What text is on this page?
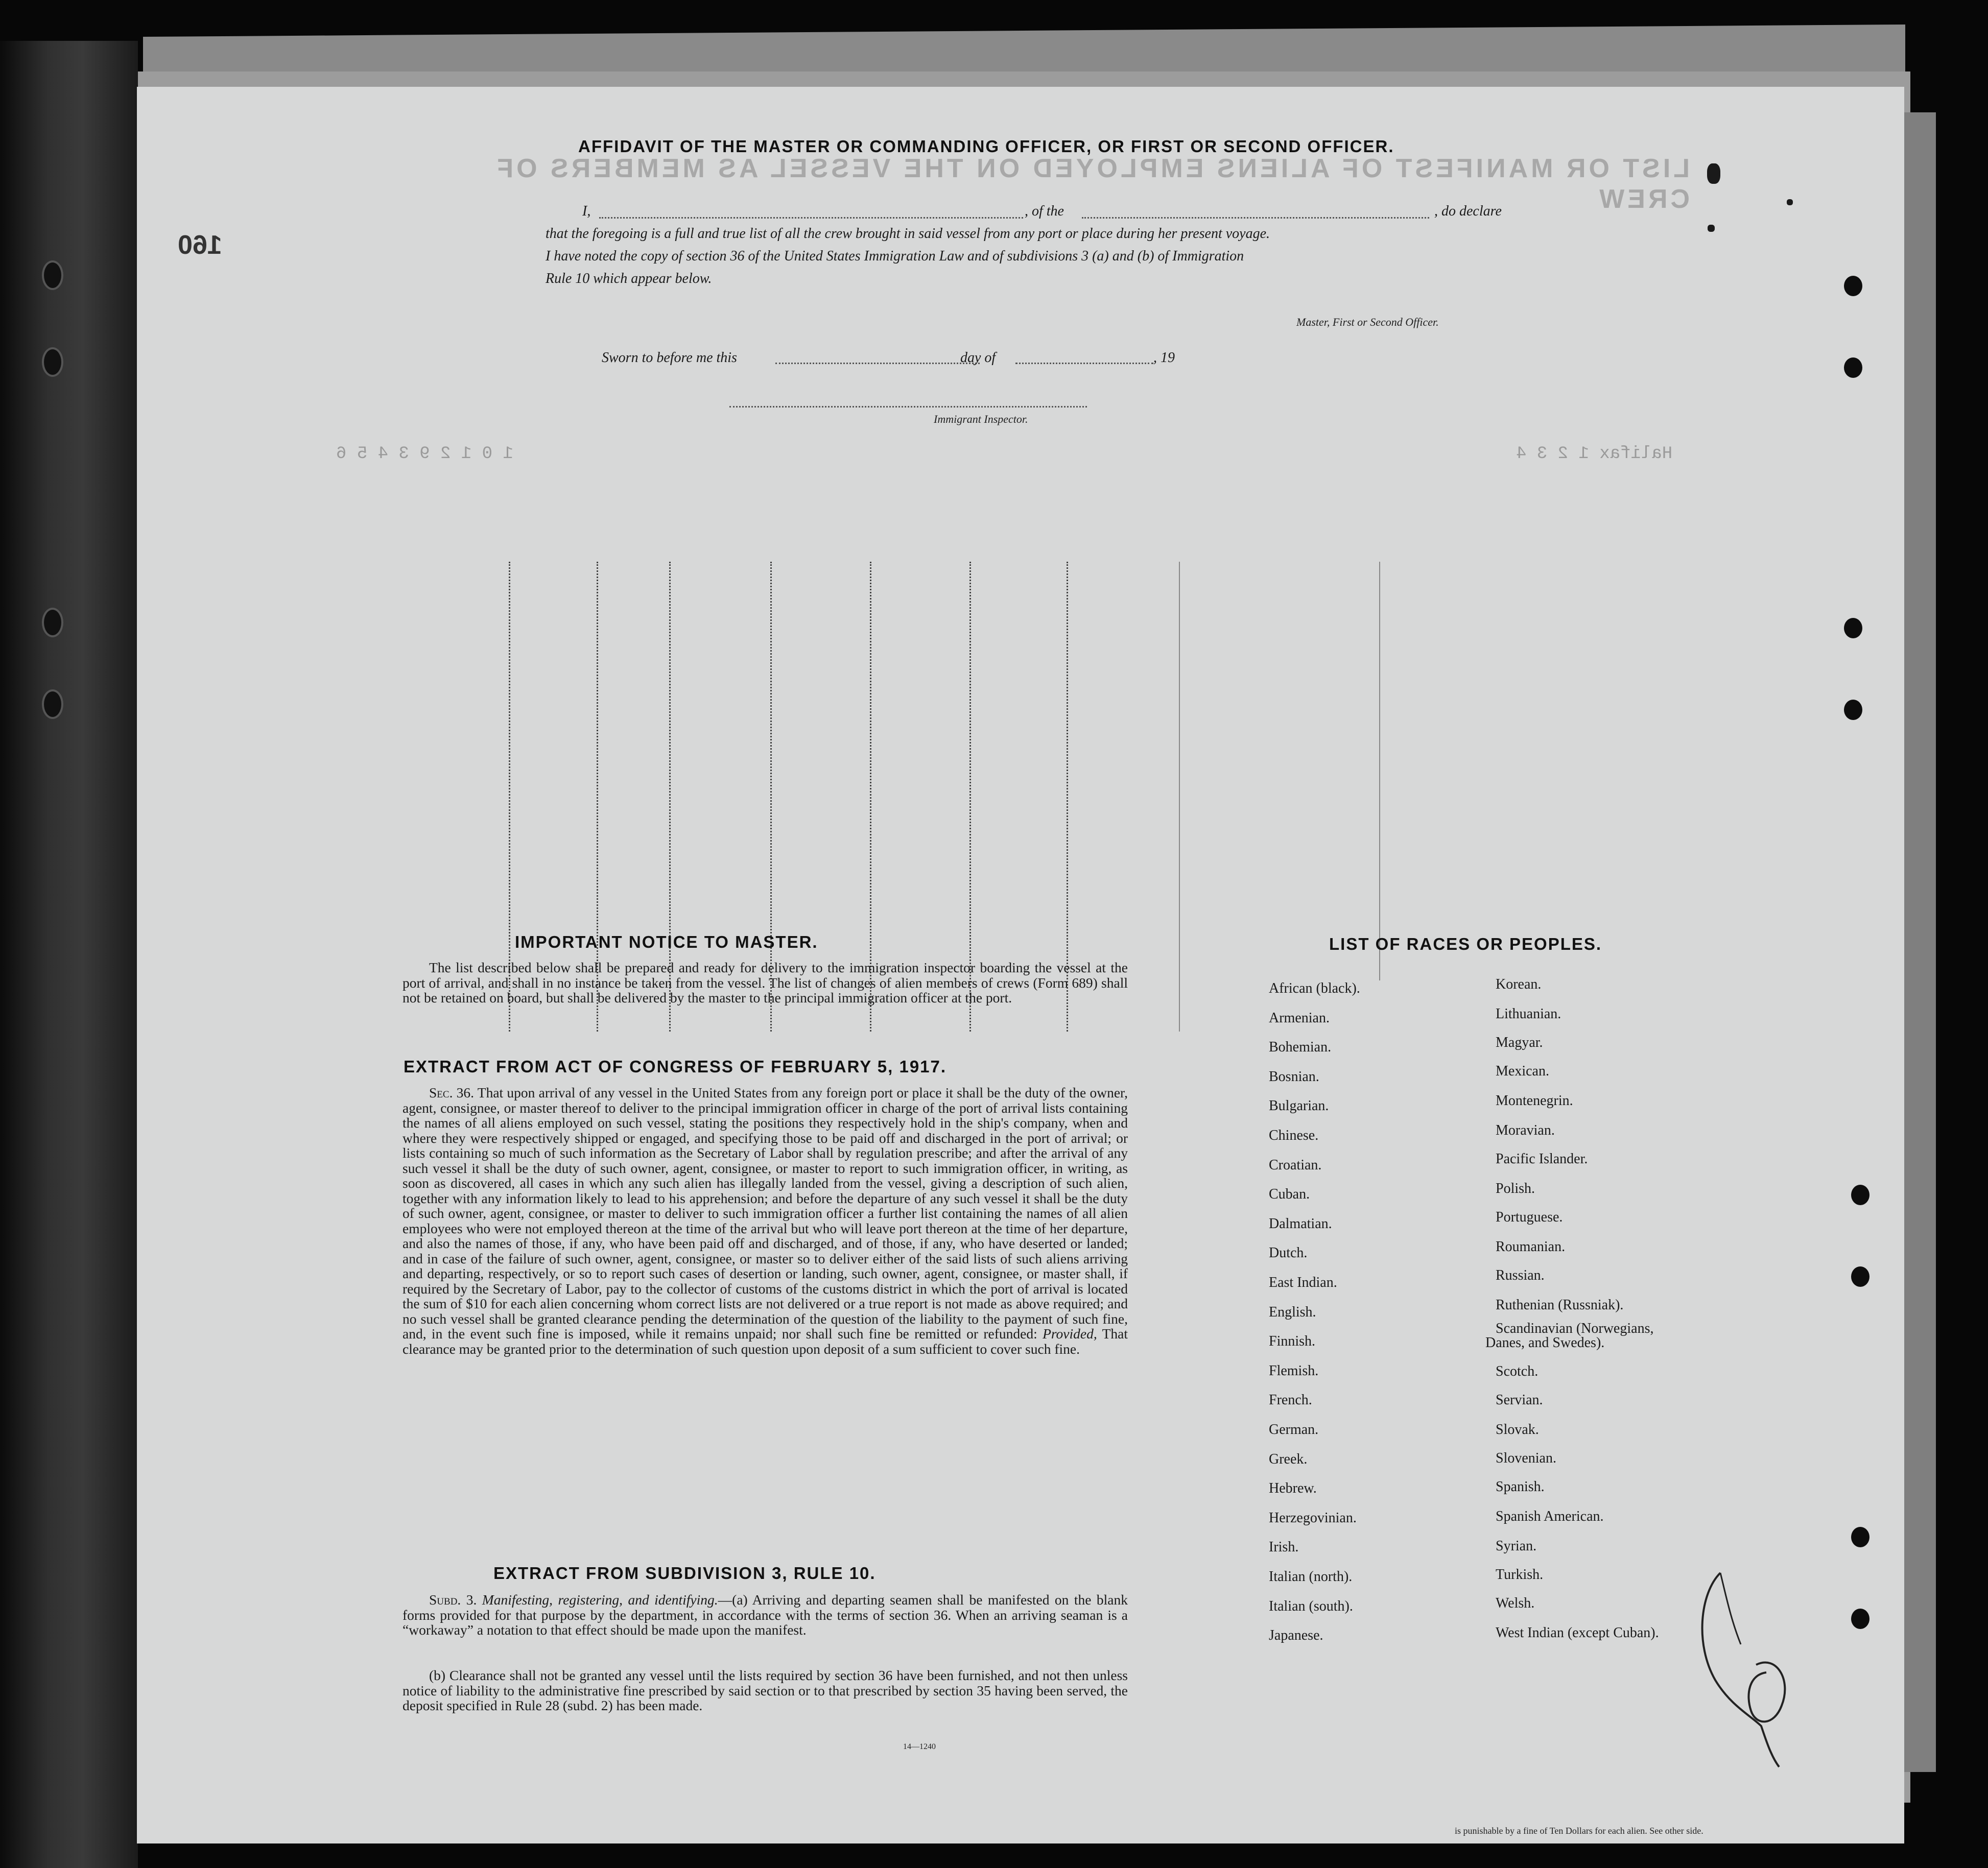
LIST OR MANIFEST OF ALIENS EMPLOYED ON THE VESSEL AS MEMBERS OF CREW
1 0 1 2 9 3 4 5 6	Halifax 1 2 3 4
160
AFFIDAVIT OF THE MASTER OR COMMANDING OFFICER, OR FIRST OR SECOND OFFICER.
I,	, of the	, do declare
that the foregoing is a full and true list of all the crew brought in said vessel from any port or place during her present voyage.
I have noted the copy of section 36 of the United States Immigration Law and of subdivisions 3 (a) and (b) of Immigration
Rule 10 which appear below.
Master, First or Second Officer.
Sworn to before me this	day of	, 19
Immigrant Inspector.
IMPORTANT NOTICE TO MASTER.
The list described below shall be prepared and ready for delivery to the immigration inspector boarding the vessel at the port of arrival, and shall in no instance be taken from the vessel. The list of changes of alien members of crews (Form 689) shall not be retained on board, but shall be delivered by the master to the principal immigration officer at the port.
EXTRACT FROM ACT OF CONGRESS OF FEBRUARY 5, 1917.
Sec. 36. That upon arrival of any vessel in the United States from any foreign port or place it shall be the duty of the owner, agent, consignee, or master thereof to deliver to the principal immigration officer in charge of the port of arrival lists containing the names of all aliens employed on such vessel, stating the positions they respectively hold in the ship's company, when and where they were respectively shipped or engaged, and specifying those to be paid off and discharged in the port of arrival; or lists containing so much of such information as the Secretary of Labor shall by regulation prescribe; and after the arrival of any such vessel it shall be the duty of such owner, agent, consignee, or master to report to such immigration officer, in writing, as soon as discovered, all cases in which any such alien has illegally landed from the vessel, giving a description of such alien, together with any information likely to lead to his apprehension; and before the departure of any such vessel it shall be the duty of such owner, agent, consignee, or master to deliver to such immigration officer a further list containing the names of all alien employees who were not employed thereon at the time of the arrival but who will leave port thereon at the time of her departure, and also the names of those, if any, who have been paid off and discharged, and of those, if any, who have deserted or landed; and in case of the failure of such owner, agent, consignee, or master so to deliver either of the said lists of such aliens arriving and departing, respectively, or so to report such cases of desertion or landing, such owner, agent, consignee, or master shall, if required by the Secretary of Labor, pay to the collector of customs of the customs district in which the port of arrival is located the sum of $10 for each alien concerning whom correct lists are not delivered or a true report is not made as above required; and no such vessel shall be granted clearance pending the determination of the question of the liability to the payment of such fine, and, in the event such fine is imposed, while it remains unpaid; nor shall such fine be remitted or refunded: Provided, That clearance may be granted prior to the determination of such question upon deposit of a sum sufficient to cover such fine.
EXTRACT FROM SUBDIVISION 3, RULE 10.
Subd. 3. Manifesting, registering, and identifying.—(a) Arriving and departing seamen shall be manifested on the blank forms provided for that purpose by the department, in accordance with the terms of section 36. When an arriving seaman is a “workaway” a notation to that effect should be made upon the manifest.
(b) Clearance shall not be granted any vessel until the lists required by section 36 have been furnished, and not then unless notice of liability to the administrative fine prescribed by said section or to that prescribed by section 35 having been served, the deposit specified in Rule 28 (subd. 2) has been made.
14—1240
LIST OF RACES OR PEOPLES.
is punishable by a fine of Ten Dollars for each alien. See other side.
African (black).
Armenian.
Bohemian.
Bosnian.
Bulgarian.
Chinese.
Croatian.
Cuban.
Dalmatian.
Dutch.
East Indian.
English.
Finnish.
Flemish.
French.
German.
Greek.
Hebrew.
Herzegovinian.
Irish.
Italian (north).
Italian (south).
Japanese.
Korean.
Lithuanian.
Magyar.
Mexican.
Montenegrin.
Moravian.
Pacific Islander.
Polish.
Portuguese.
Roumanian.
Russian.
Ruthenian (Russniak).
Scandinavian (Norwegians,
Danes, and Swedes).
Scotch.
Servian.
Slovak.
Slovenian.
Spanish.
Spanish American.
Syrian.
Turkish.
Welsh.
West Indian (except Cuban).
